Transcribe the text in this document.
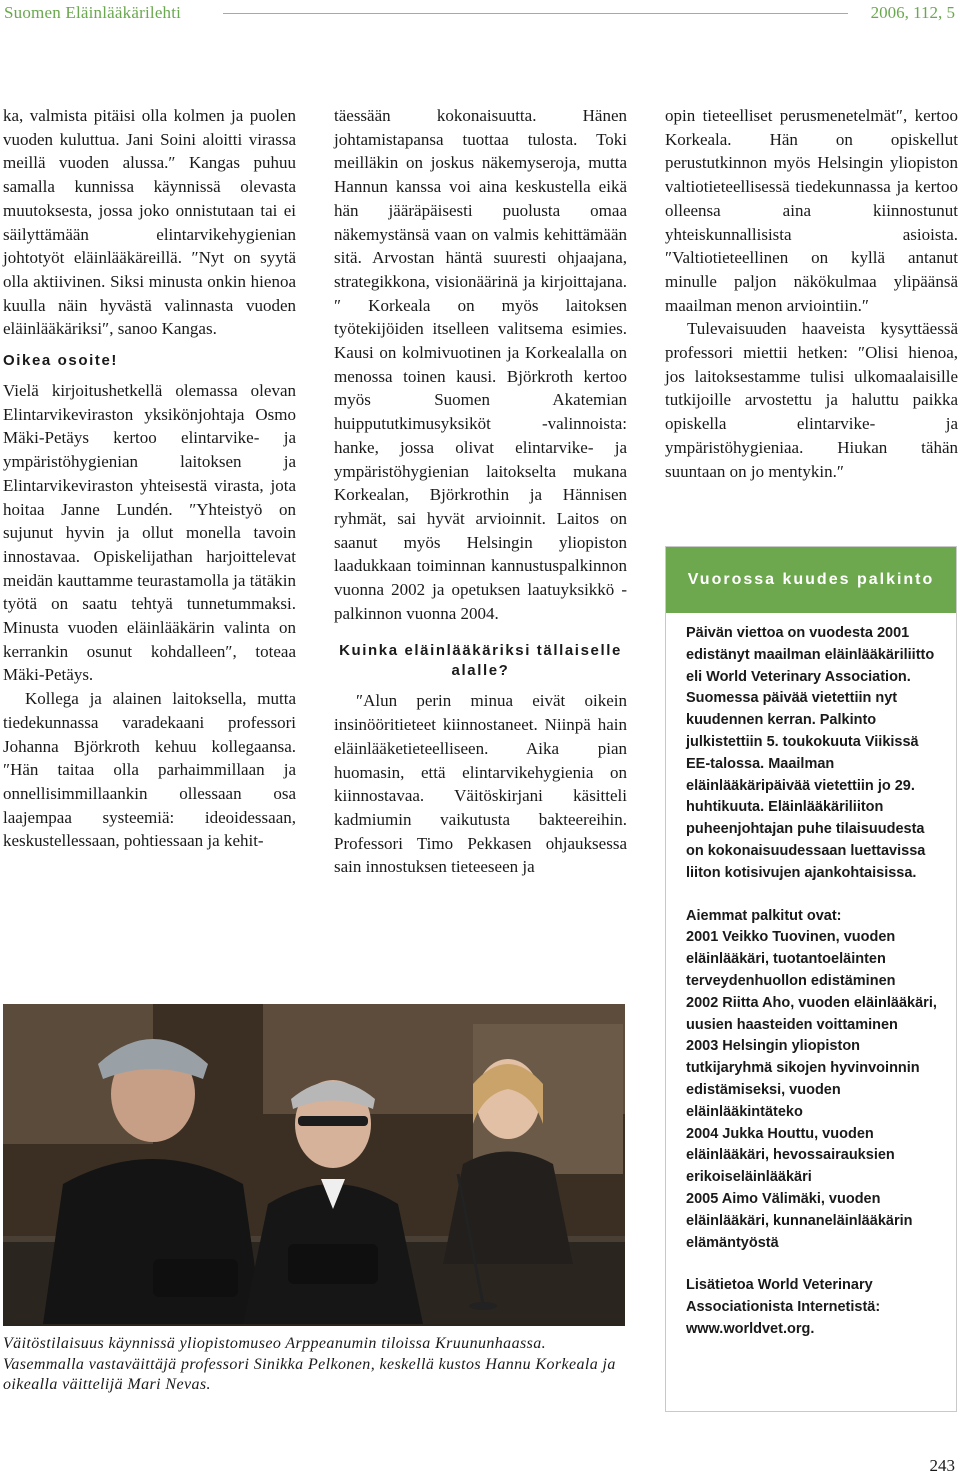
Suomen Eläinlääkärilehti	2006, 112, 5

ka, valmista pitäisi olla kolmen ja puolen vuoden kuluttua. Jani Soini aloitti virassa meillä vuoden alussa.″ Kangas puhuu samalla kunnissa käynnissä olevasta muutoksesta, jossa joko onnistutaan tai ei säilyttämään elintarvikehygienian johtotyöt eläinlääkäreillä. ″Nyt on syytä olla aktiivinen. Siksi minusta onkin hienoa kuulla näin hyvästä valinnasta vuoden eläinlääkäriksi″, sanoo Kangas.

Oikea osoite!

Vielä kirjoitushetkellä olemassa olevan Elintarvikeviraston yksikönjohtaja Osmo Mäki-Petäys kertoo elintarvike- ja ympäristöhygienian laitoksen ja Elintarvikeviraston yhteisestä virasta, jota hoitaa Janne Lundén. ″Yhteistyö on sujunut hyvin ja ollut monella tavoin innostavaa. Opiskelijathan harjoittelevat meidän kauttamme teurastamolla ja tätäkin työtä on saatu tehtyä tunnetummaksi. Minusta vuoden eläinlääkärin valinta on kerrankin osunut kohdalleen″, toteaa Mäki-Petäys.

Kollega ja alainen laitoksella, mutta tiedekunnassa varadekaani professori Johanna Björkroth kehuu kollegaansa. ″Hän taitaa olla parhaimmillaan ja onnellisimmillaankin ollessaan osa laajempaa systeemiä: ideoidessaan, keskustellessaan, pohtiessaan ja kehit-

täessään kokonaisuutta. Hänen johtamistapansa tuottaa tulosta. Toki meilläkin on joskus näkemyseroja, mutta Hannun kanssa voi aina keskustella eikä hän jääräpäisesti puolusta omaa näkemystänsä vaan on valmis kehittämään sitä. Arvostan häntä suuresti ohjaajana, strategikkona, visionäärinä ja kirjoittajana.″ Korkeala on myös laitoksen työtekijöiden itselleen valitsema esimies. Kausi on kolmivuotinen ja Korkealalla on menossa toinen kausi. Björkroth kertoo myös Suomen Akatemian huippututkimusyksiköt -valinnoista: hanke, jossa olivat elintarvike- ja ympäristöhygienian laitokselta mukana Korkealan, Björkrothin ja Hännisen ryhmät, sai hyvät arvioinnit. Laitos on saanut myös Helsingin yliopiston laadukkaan toiminnan kannustuspalkinnon vuonna 2002 ja opetuksen laatuyksikkö -palkinnon vuonna 2004.

Kuinka eläinlääkäriksi tällaiselle alalle?

″Alun perin minua eivät oikein insinööritieteet kiinnostaneet. Niinpä hain eläinlääketieteelliseen. Aika pian huomasin, että elintarvikehygienia on kiinnostavaa. Väitöskirjani käsitteli kadmiumin vaikutusta bakteereihin. Professori Timo Pekkasen ohjauksessa sain innostuksen tieteeseen ja

opin tieteelliset perusmenetelmät″, kertoo Korkeala. Hän on opiskellut perustutkinnon myös Helsingin yliopiston valtiotieteellisessä tiedekunnassa ja kertoo olleensa aina kiinnostunut yhteiskunnallisista asioista. ″Valtiotieteellinen on kyllä antanut minulle paljon näkökulmaa ylipäänsä maailman menon arviointiin.″

Tulevaisuuden haaveista kysyttäessä professori miettii hetken: ″Olisi hienoa, jos laitoksestamme tulisi ulkomaalaisille tutkijoille arvostettu ja haluttu paikka opiskella elintarvike- ja ympäristöhygieniaa. Hiukan tähän suuntaan on jo mentykin.″

Väitöstilaisuus käynnissä yliopistomuseo Arppeanumin tiloissa Kruununhaassa. Vasemmalla vastaväittäjä professori Sinikka Pelkonen, keskellä kustos Hannu Korkeala ja oikealla väittelijä Mari Nevas.
Vuorossa kuudes palkinto

Päivän viettoa on vuodesta 2001 edistänyt maailman eläinlääkäriliitto eli World Veterinary Association. Suomessa päivää vietettiin nyt kuudennen kerran. Palkinto julkistettiin 5. toukokuuta Viikissä EE-talossa. Maailman eläinlääkäripäivää vietettiin jo 29. huhtikuuta. Eläinlääkäriliiton puheenjohtajan puhe tilaisuudesta on kokonaisuudessaan luettavissa liiton kotisivujen ajankohtaisissa.

Aiemmat palkitut ovat:

2001 Veikko Tuovinen, vuoden eläinlääkäri, tuotantoeläinten terveydenhuollon edistäminen

2002 Riitta Aho, vuoden eläinlääkäri, uusien haasteiden voittaminen

2003 Helsingin yliopiston tutkijaryhmä sikojen hyvinvoinnin edistämiseksi, vuoden eläinlääkintäteko

2004 Jukka Houttu, vuoden eläinlääkäri, hevossairauksien erikoiseläinlääkäri

2005 Aimo Välimäki, vuoden eläinlääkäri, kunnaneläinlääkärin elämäntyöstä

Lisätietoa World Veterinary Associationista Internetistä: www.worldvet.org.

243
